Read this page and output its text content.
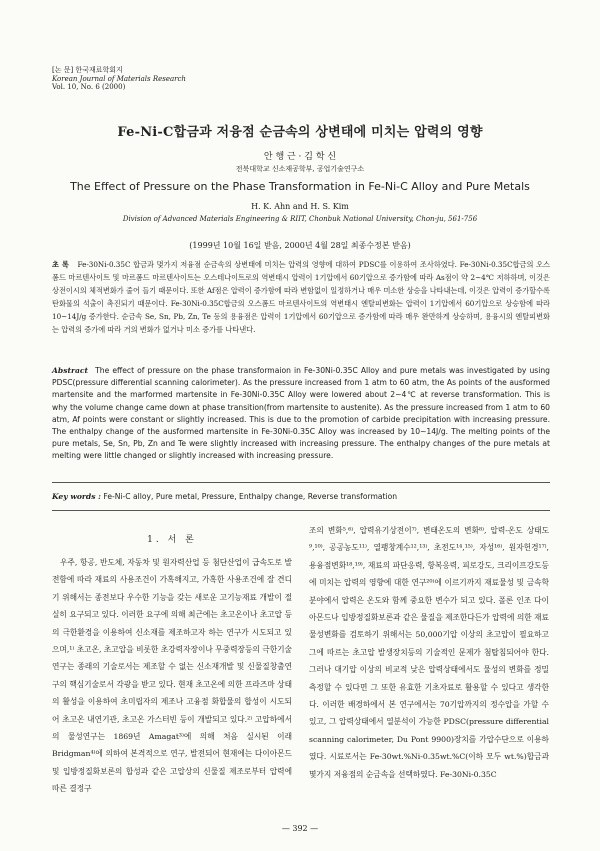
[논 문] 한국재료학회지
Korean Journal of Materials Research
Vol. 10, No. 6 (2000)
Fe-Ni-C합금과 저융점 순금속의 상변태에 미치는 압력의 영향
안 행 근 · 김 학 신
전북대학교 신소재공학부, 공업기술연구소
The Effect of Pressure on the Phase Transformation in Fe-Ni-C Alloy and Pure Metals
H. K. Ahn and H. S. Kim
Division of Advanced Materials Engineering & RIIT, Chonbuk National University, Chon-ju, 561-756
(1999년 10월 16일 받음, 2000년 4월 28일 최종수정본 받음)
초 록 Fe-30Ni-0.35C 합금과 몇가지 저융점 순금속의 상변태에 미치는 압력의 영향에 대하여 PDSC를 이용하여 조사하였다. Fe-30Ni-0.35C합금의 오스폼드 마르텐사이트 및 마르폼드 마르텐사이트는 오스테나이트로의 역변태시 압력이 1기압에서 60기압으로 증가함에 따라 As점이 약 2~4℃ 저하하며, 이것은 상전이시의 체적변화가 줄어 들기 때문이다. 또한 Af점은 압력이 증가함에 따라 변함없이 일정하거나 매우 미소한 상승을 나타내는데, 이것은 압력이 증가할수록 탄화물의 석출이 촉진되기 때문이다. Fe-30Ni-0.35C합금의 오스폼드 마르텐사이트의 역변태시 엔탈피변화는 압력이 1기압에서 60기압으로 상승함에 따라 10~14J/g 증가한다. 순금속 Se, Sn, Pb, Zn, Te 등의 용융점은 압력이 1기압에서 60기압으로 증가함에 따라 매우 완만하게 상승하며, 용융시의 엔탈피변화는 압력의 증가에 따라 거의 변화가 없거나 미소 증가를 나타낸다.
Abstract The effect of pressure on the phase transformaion in Fe-30Ni-0.35C Alloy and pure metals was investigated by using PDSC(pressure differential scanning calorimeter). As the pressure increased from 1 atm to 60 atm, the As points of the ausformed martensite and the marformed martensite in Fe-30Ni-0.35C Alloy were lowered about 2~4℃ at reverse transformation. This is why the volume change came down at phase transition(from martensite to austenite). As the pressure increased from 1 atm to 60 atm, Af points were constant or slightly increased. This is due to the promotion of carbide precipitation with increasing pressure. The enthalpy change of the ausformed martensite in Fe-30Ni-0.35C Alloy was increased by 10~14J/g. The melting points of the pure metals, Se, Sn, Pb, Zn and Te were slightly increased with increasing pressure. The enthalpy changes of the pure metals at melting were little changed or slightly increased with increasing pressure.
Key words : Fe-Ni-C alloy, Pure metal, Pressure, Enthalpy change, Reverse transformation
1. 서 론

우주, 항공, 반도체, 자동차 및 원자력산업 등 첨단산업이 급속도로 발전함에 따라 재료의 사용조건이 가혹해지고, 가혹한 사용조건에 잘 견디기 위해서는 종전보다 우수한 기능을 갖는 새로운 고기능재료 개발이 절실히 요구되고 있다. 이러한 요구에 의해 최근에는 초고온이나 초고압 등의 극한환경을 이용하여 신소재를 제조하고자 하는 연구가 시도되고 있으며,¹⁾ 초고온, 초고압을 비롯한 초강력자장이나 무중력장등의 극한기술 연구는 종래의 기술로서는 제조할 수 없는 신소재개발 및 신물질창출연구의 핵심기술로서 각광을 받고 있다. 현재 초고온에 의한 프라즈마 상태의 활성을 이용하여 초미립자의 제조나 고융점 화합물의 합성이 시도되어 초고온 내연기관, 초고온 가스터빈 등이 개발되고 있다.²⁾ 고압하에서의 물성연구는 1869년 Amagat³⁾에 의해 처음 실시된 이래 Bridgman⁴⁾에 의하여 본격적으로 연구, 발전되어 현재에는 다이아몬드 및 입방정질화보론의 합성과 같은 고압상의 신물질 제조로부터 압력에 따른 결정구

조의 변화⁵,⁶⁾, 압력유기상전이⁷⁾, 변태온도의 변화⁸⁾, 압력-온도 상태도⁹,¹⁰⁾, 공공농도¹¹⁾, 열팽창계수¹²,¹³⁾, 초전도¹⁴,¹⁵⁾, 자성¹⁶⁾, 원자헌경¹⁷⁾, 용융점변화¹⁸,¹⁹⁾, 재료의 파단응력, 항복응력, 피로강도, 크리이프강도등에 미치는 압력의 영향에 대한 연구²⁰⁾에 이르기까지 재료물성 및 금속학분야에서 압력은 온도와 함께 중요한 변수가 되고 있다. 폴론 인조 다이아몬드나 입방정질화보론과 같은 물질을 제조한다든가 압력에 의한 재료물성변화를 검토하기 위해서는 50,000기압 이상의 초고압이 필요하고 그에 따르는 초고압 발생장치등의 기술적인 문제가 첨탑침되어야 한다. 그러나 대기압 이상의 비교적 낮은 압력상태에서도 물성의 변화를 정밀 측정할 수 있다면 그 또한 유효한 기초자료로 활용할 수 있다고 생각한다. 이러한 배경하에서 본 연구에서는 70기압까지의 정수압을 가할 수 있고, 그 압력상태에서 열분석이 가능한 PDSC(pressure differential scanning calorimeter, Du Pont 9900)장치를 가압수단으로 이용하였다. 시료로서는 Fe-30wt.%Ni-0.35wt.%C(이하 모두 wt.%)합금과 몇가지 저융점의 순금속을 선택하였다. Fe-30Ni-0.35C

— 392 —
